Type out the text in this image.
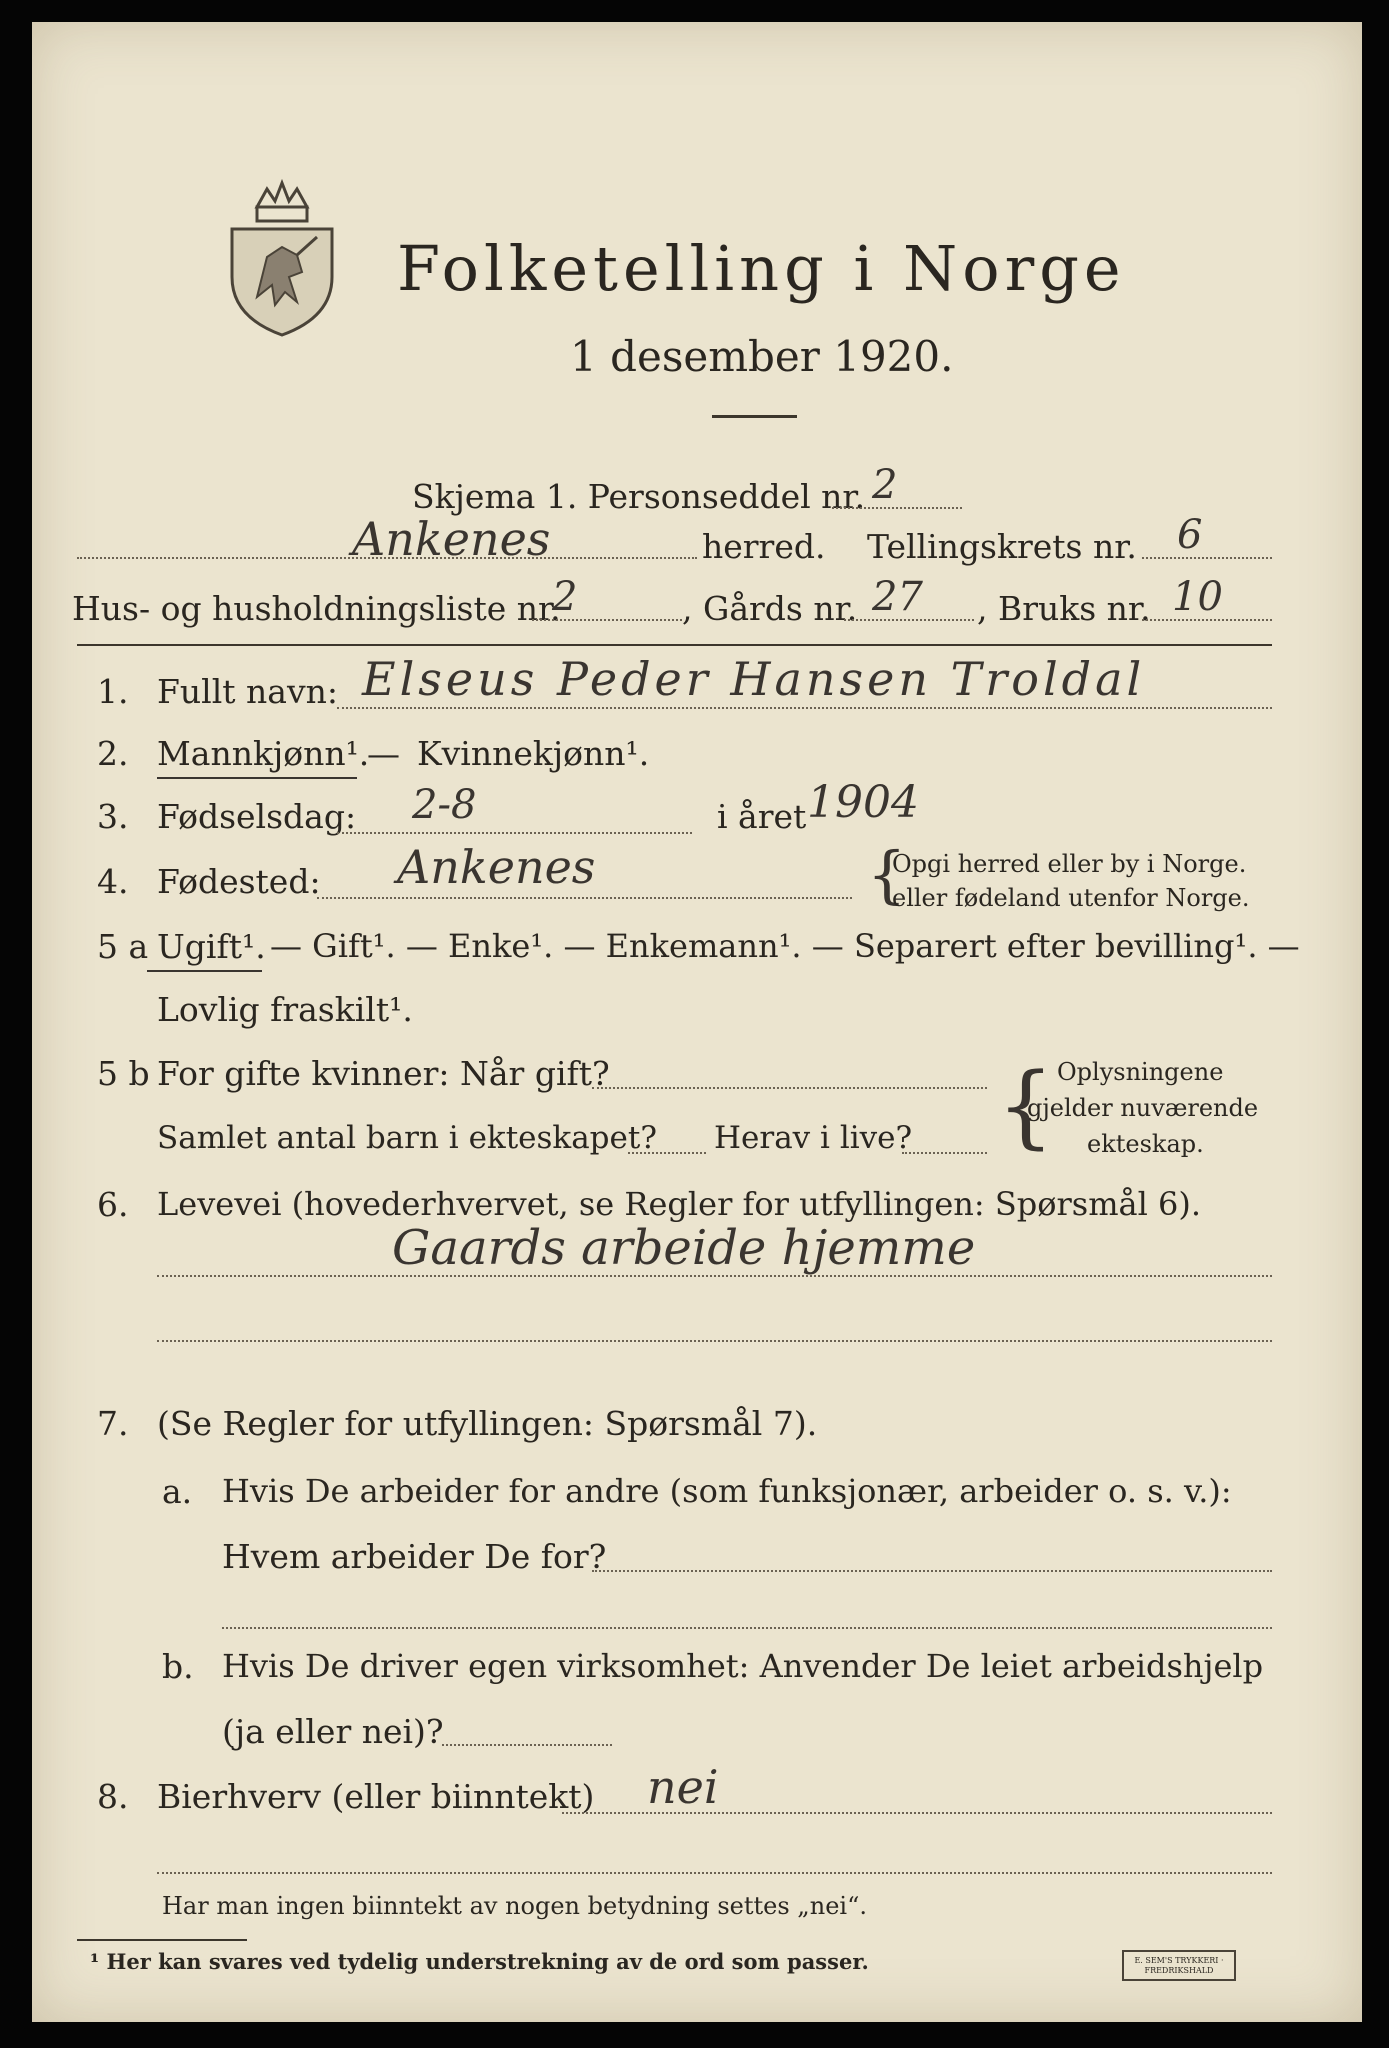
Folketelling i Norge
1 desember 1920.
Skjema 1. Personseddel nr. 2
Ankenes	herred. Tellingskrets nr. 6
Hus- og husholdningsliste nr.
2	, Gårds nr. 27 , Bruks nr. 10
1. Fullt navn: Elseus Peder Hansen Troldal
2. Mannkjønn¹.
— Kvinnekjønn¹.
3. Fødselsdag: 2-8	i året 1904
4. Fødested: Ankenes	{
Opgi herred eller by i Norge.
eller fødeland utenfor Norge.
5 a Ugift¹. — Gift¹. — Enke¹. — Enkemann¹. — Separert efter bevilling¹. —
Lovlig fraskilt¹.
5 b For gifte kvinner: Når gift?
Samlet antal barn i ekteskapet? Herav i live? { Oplysningene
gjelder nuværende
ekteskap.
6. Levevei (hovederhvervet, se Regler for utfyllingen: Spørsmål 6).
Gaards arbeide hjemme
7. (Se Regler for utfyllingen: Spørsmål 7).
a. Hvis De arbeider for andre (som funksjonær, arbeider o. s. v.):
Hvem arbeider De for?
b. Hvis De driver egen virksomhet: Anvender De leiet arbeidshjelp
(ja eller nei)?
8. Bierhverv (eller biinntekt) nei
Har man ingen biinntekt av nogen betydning settes „nei“.
¹ Her kan svares ved tydelig understrekning av de ord som passer.	E. SEM'S TRYKKERI · FREDRIKSHALD
